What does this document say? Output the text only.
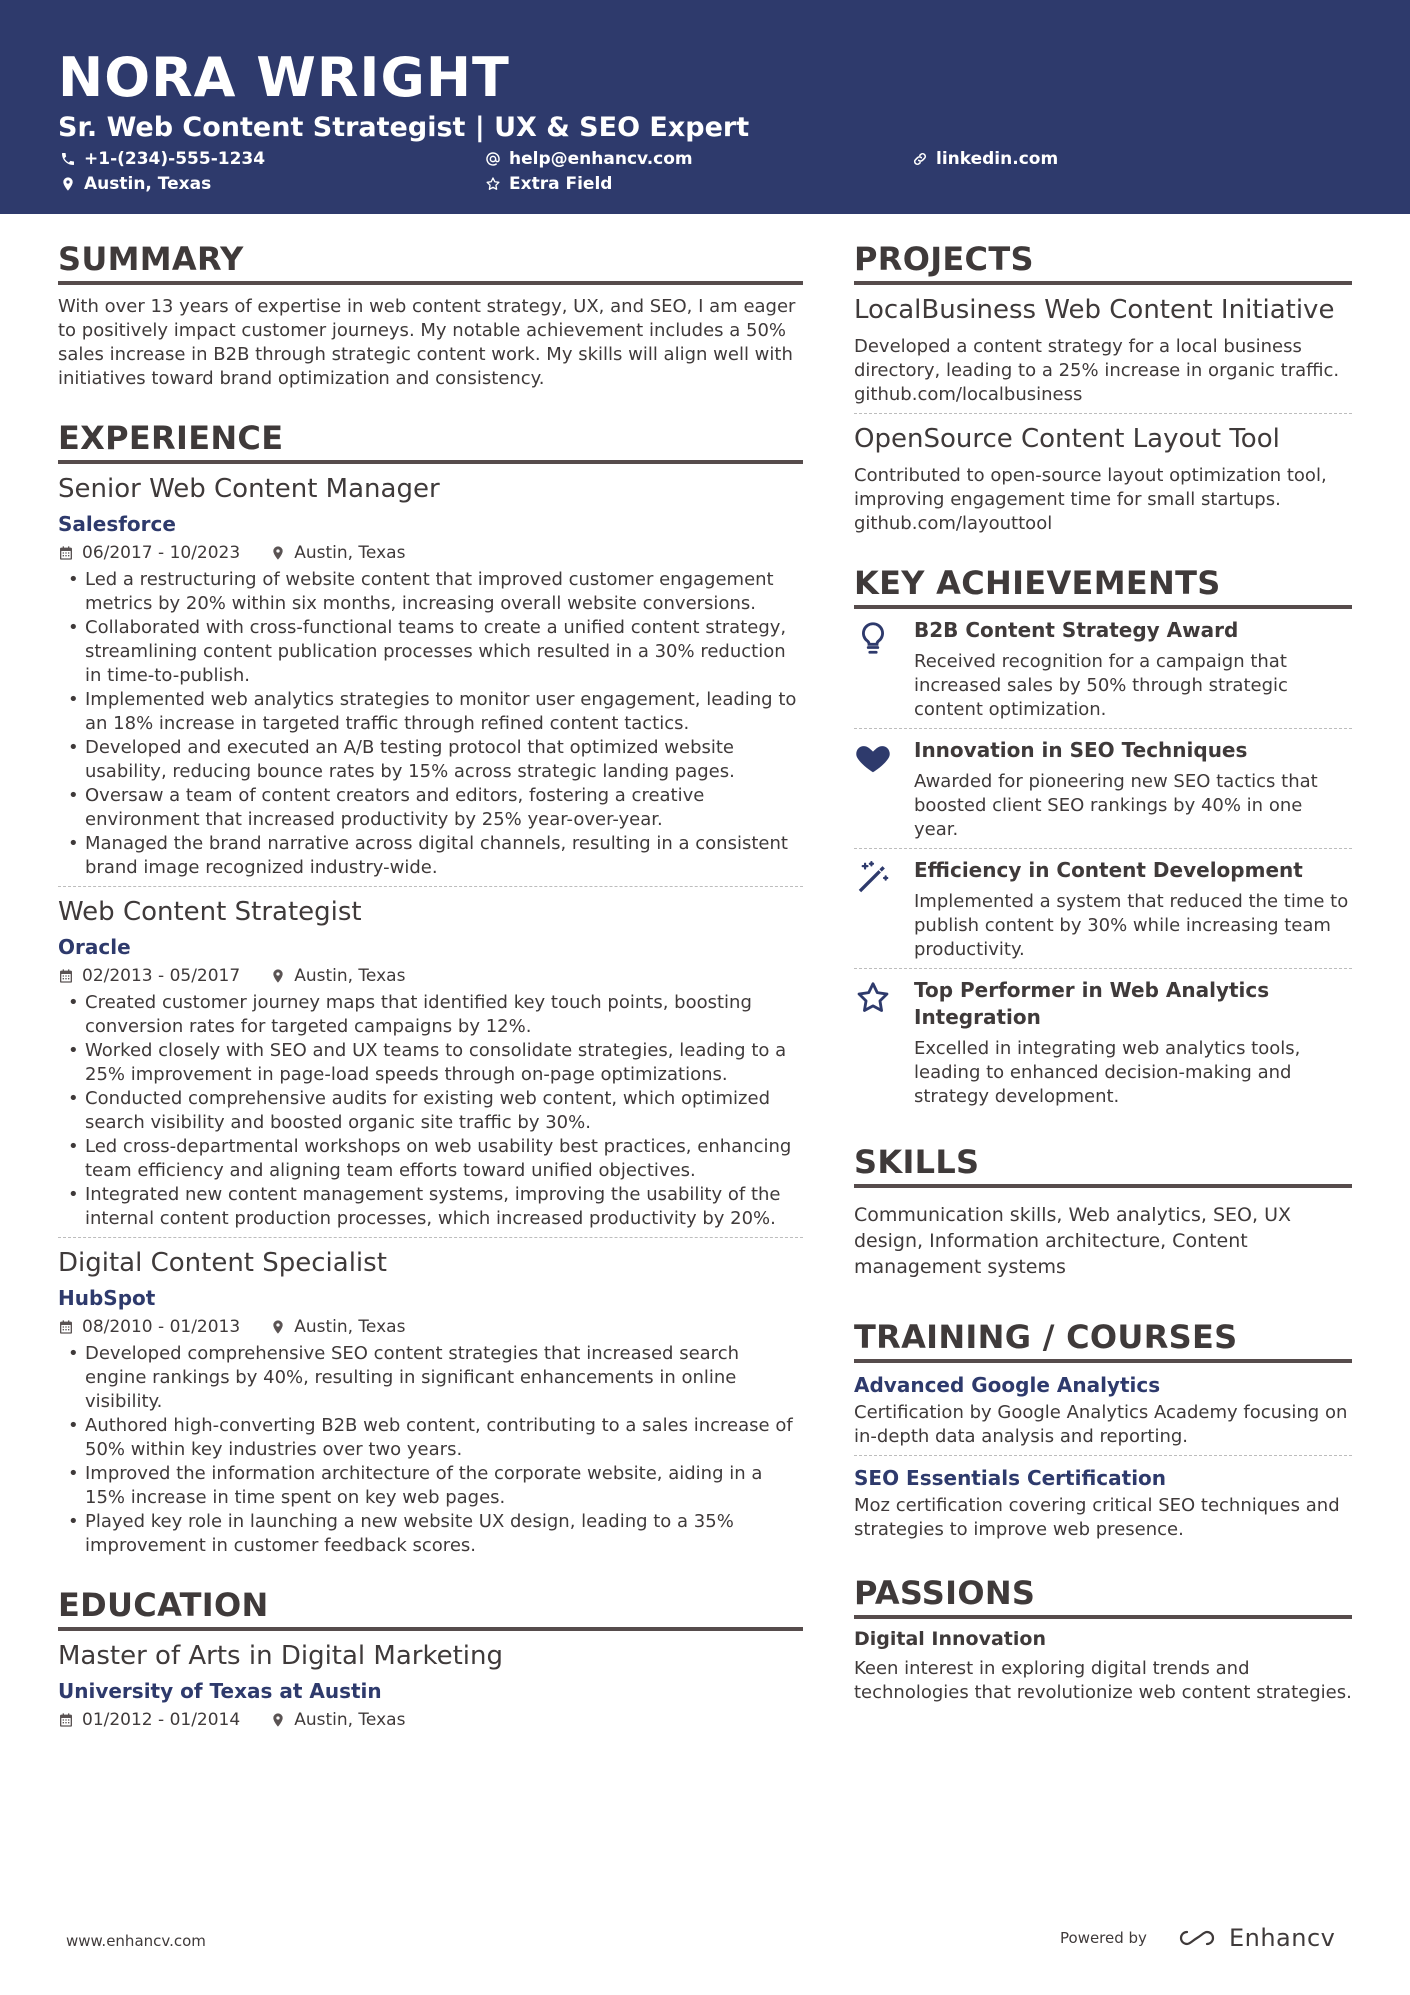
NORA WRIGHT
Sr. Web Content Strategist | UX & SEO Expert
+1-(234)-555-1234	help@enhancv.com	linkedin.com
Austin, Texas	Extra Field
SUMMARY
With over 13 years of expertise in web content strategy, UX, and SEO, I am eager to positively impact customer journeys. My notable achievement includes a 50% sales increase in B2B through strategic content work. My skills will align well with initiatives toward brand optimization and consistency.
EXPERIENCE
Senior Web Content Manager
Salesforce
06/2017 - 10/2023	Austin, Texas
• Led a restructuring of website content that improved customer engagement metrics by 20% within six months, increasing overall website conversions.
• Collaborated with cross-functional teams to create a unified content strategy, streamlining content publication processes which resulted in a 30% reduction in time-to-publish.
• Implemented web analytics strategies to monitor user engagement, leading to an 18% increase in targeted traffic through refined content tactics.
• Developed and executed an A/B testing protocol that optimized website usability, reducing bounce rates by 15% across strategic landing pages.
• Oversaw a team of content creators and editors, fostering a creative environment that increased productivity by 25% year-over-year.
• Managed the brand narrative across digital channels, resulting in a consistent brand image recognized industry-wide.
Web Content Strategist
Oracle
02/2013 - 05/2017	Austin, Texas
• Created customer journey maps that identified key touch points, boosting conversion rates for targeted campaigns by 12%.
• Worked closely with SEO and UX teams to consolidate strategies, leading to a 25% improvement in page-load speeds through on-page optimizations.
• Conducted comprehensive audits for existing web content, which optimized search visibility and boosted organic site traffic by 30%.
• Led cross-departmental workshops on web usability best practices, enhancing team efficiency and aligning team efforts toward unified objectives.
• Integrated new content management systems, improving the usability of the internal content production processes, which increased productivity by 20%.
Digital Content Specialist
HubSpot
08/2010 - 01/2013	Austin, Texas
• Developed comprehensive SEO content strategies that increased search engine rankings by 40%, resulting in significant enhancements in online visibility.
• Authored high-converting B2B web content, contributing to a sales increase of 50% within key industries over two years.
• Improved the information architecture of the corporate website, aiding in a 15% increase in time spent on key web pages.
• Played key role in launching a new website UX design, leading to a 35% improvement in customer feedback scores.
EDUCATION
Master of Arts in Digital Marketing
University of Texas at Austin
01/2012 - 01/2014	Austin, Texas
PROJECTS
LocalBusiness Web Content Initiative
Developed a content strategy for a local business directory, leading to a 25% increase in organic traffic.
github.com/localbusiness
OpenSource Content Layout Tool
Contributed to open-source layout optimization tool, improving engagement time for small startups.
github.com/layouttool
KEY ACHIEVEMENTS
B2B Content Strategy Award
Received recognition for a campaign that increased sales by 50% through strategic content optimization.
Innovation in SEO Techniques
Awarded for pioneering new SEO tactics that boosted client SEO rankings by 40% in one year.
Efficiency in Content Development
Implemented a system that reduced the time to publish content by 30% while increasing team productivity.
Top Performer in Web Analytics Integration
Excelled in integrating web analytics tools, leading to enhanced decision-making and strategy development.
SKILLS
Communication skills, Web analytics, SEO, UX design, Information architecture, Content management systems
TRAINING / COURSES
Advanced Google Analytics
Certification by Google Analytics Academy focusing on in-depth data analysis and reporting.
SEO Essentials Certification
Moz certification covering critical SEO techniques and strategies to improve web presence.
PASSIONS
Digital Innovation
Keen interest in exploring digital trends and technologies that revolutionize web content strategies.
www.enhancv.com	Powered by	Enhancv
